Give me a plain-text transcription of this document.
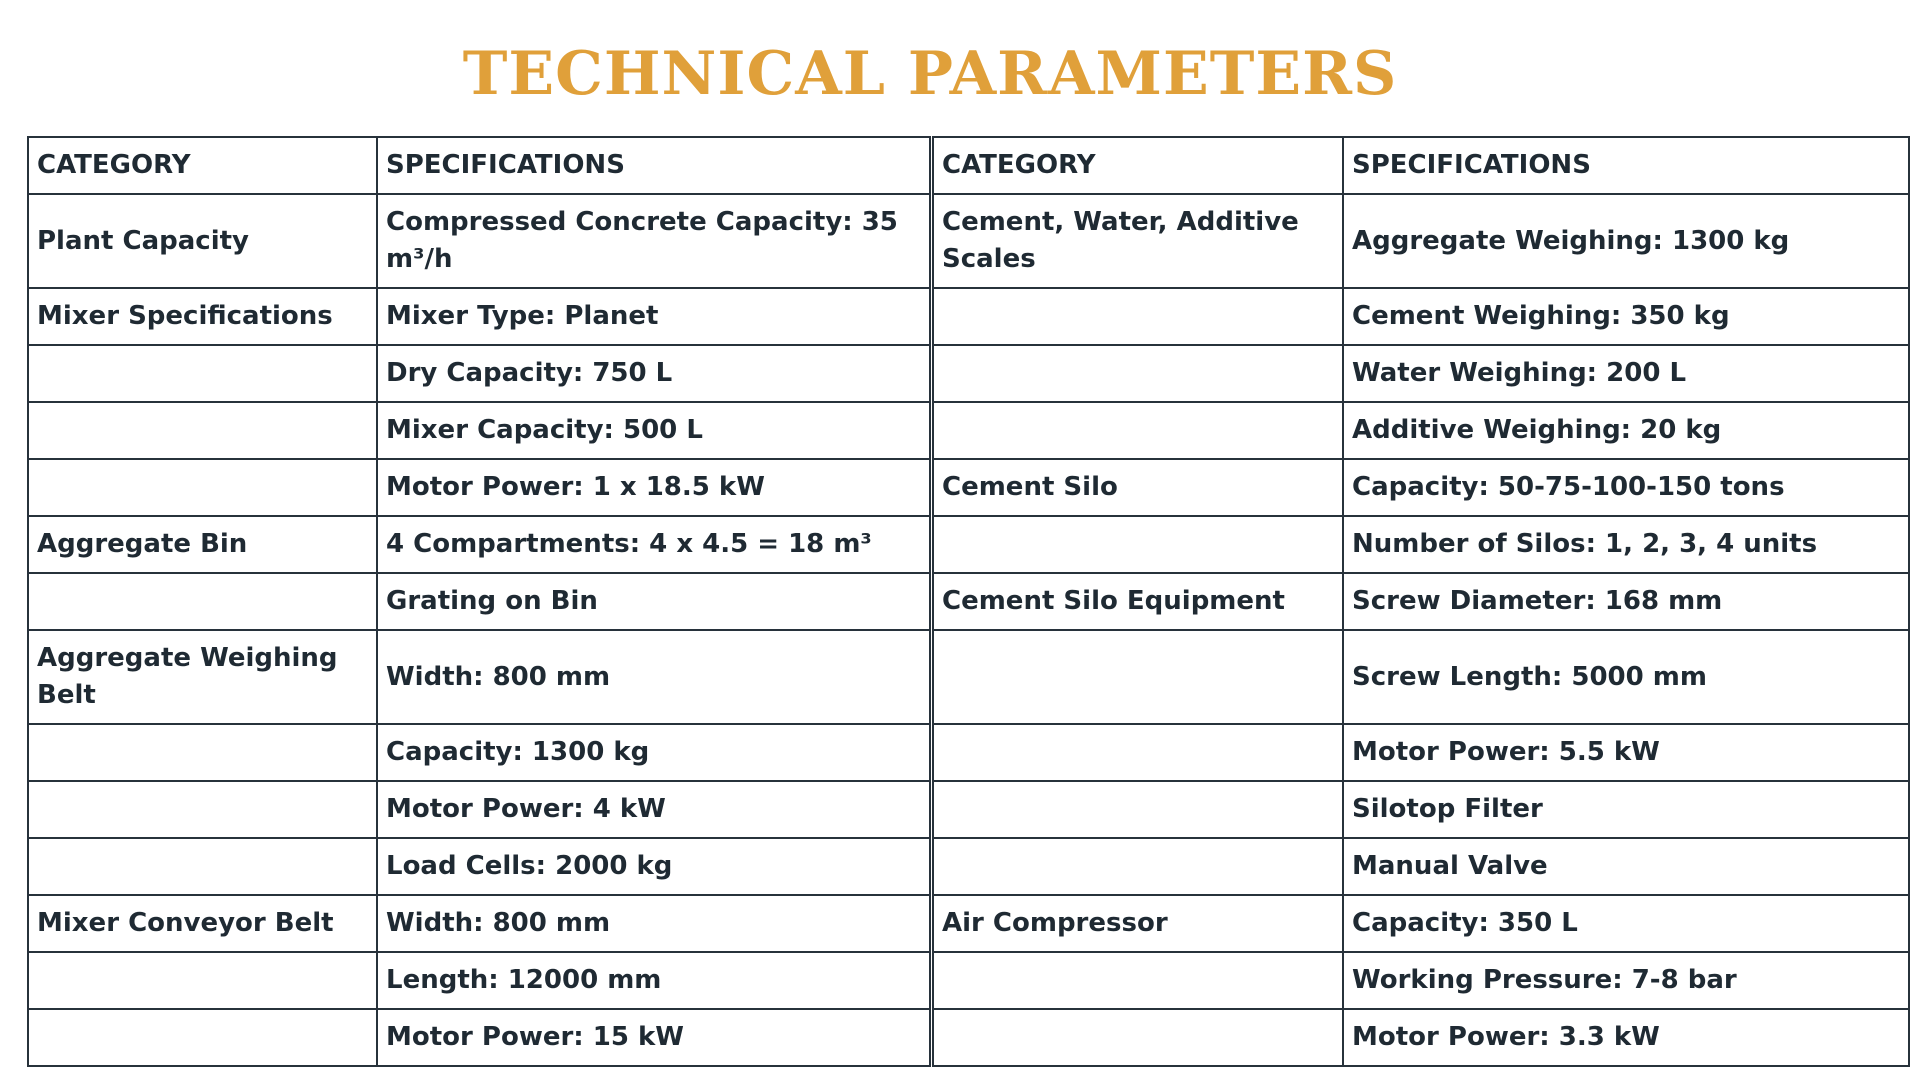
TECHNICAL PARAMETERS
CATEGORY	SPECIFICATIONS
Plant Capacity	Compressed Concrete Capacity: 35 m³/h
Mixer Specifications	Mixer Type: Planet
	Dry Capacity: 750 L
	Mixer Capacity: 500 L
	Motor Power: 1 x 18.5 kW
Aggregate Bin	4 Compartments: 4 x 4.5 = 18 m³
	Grating on Bin
Aggregate Weighing Belt	Width: 800 mm
	Capacity: 1300 kg
	Motor Power: 4 kW
	Load Cells: 2000 kg
Mixer Conveyor Belt	Width: 800 mm
	Length: 12000 mm
	Motor Power: 15 kW
CATEGORY	SPECIFICATIONS
Cement, Water, Additive Scales	Aggregate Weighing: 1300 kg
	Cement Weighing: 350 kg
	Water Weighing: 200 L
	Additive Weighing: 20 kg
Cement Silo	Capacity: 50-75-100-150 tons
	Number of Silos: 1, 2, 3, 4 units
Cement Silo Equipment	Screw Diameter: 168 mm
	Screw Length: 5000 mm
	Motor Power: 5.5 kW
	Silotop Filter
	Manual Valve
Air Compressor	Capacity: 350 L
	Working Pressure: 7-8 bar
	Motor Power: 3.3 kW
